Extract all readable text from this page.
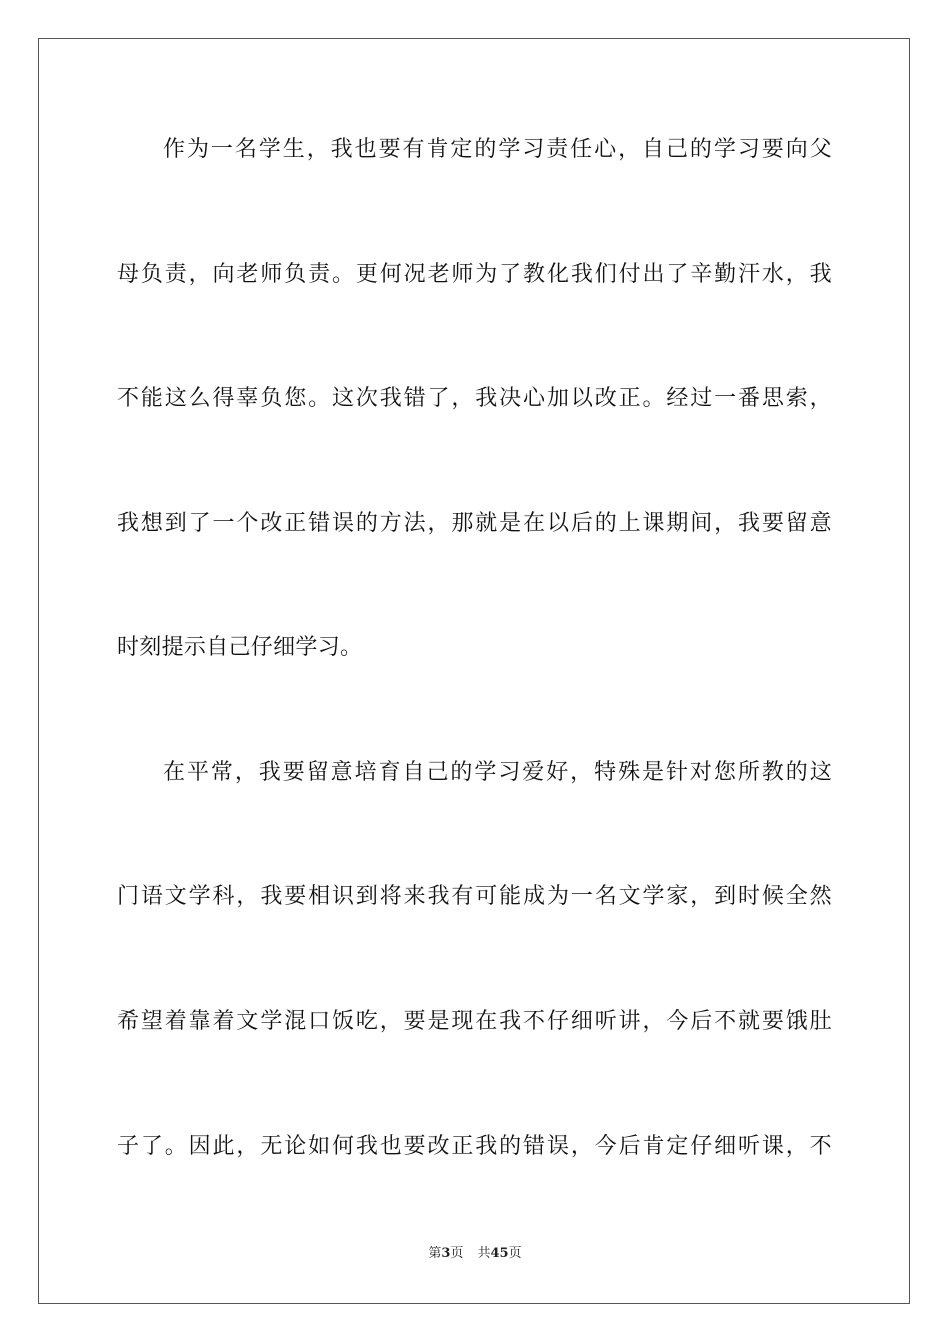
作为一名学生，我也要有肯定的学习责任心，自己的学习要向父
母负责，向老师负责。更何况老师为了教化我们付出了辛勤汗水，我
不能这么得辜负您。这次我错了，我决心加以改正。经过一番思索，
我想到了一个改正错误的方法，那就是在以后的上课期间，我要留意
时刻提示自己仔细学习。
在平常，我要留意培育自己的学习爱好，特殊是针对您所教的这
门语文学科，我要相识到将来我有可能成为一名文学家，到时候全然
希望着靠着文学混口饭吃，要是现在我不仔细听讲，今后不就要饿肚
子了。因此，无论如何我也要改正我的错误，今后肯定仔细听课，不
第3页 共45页
